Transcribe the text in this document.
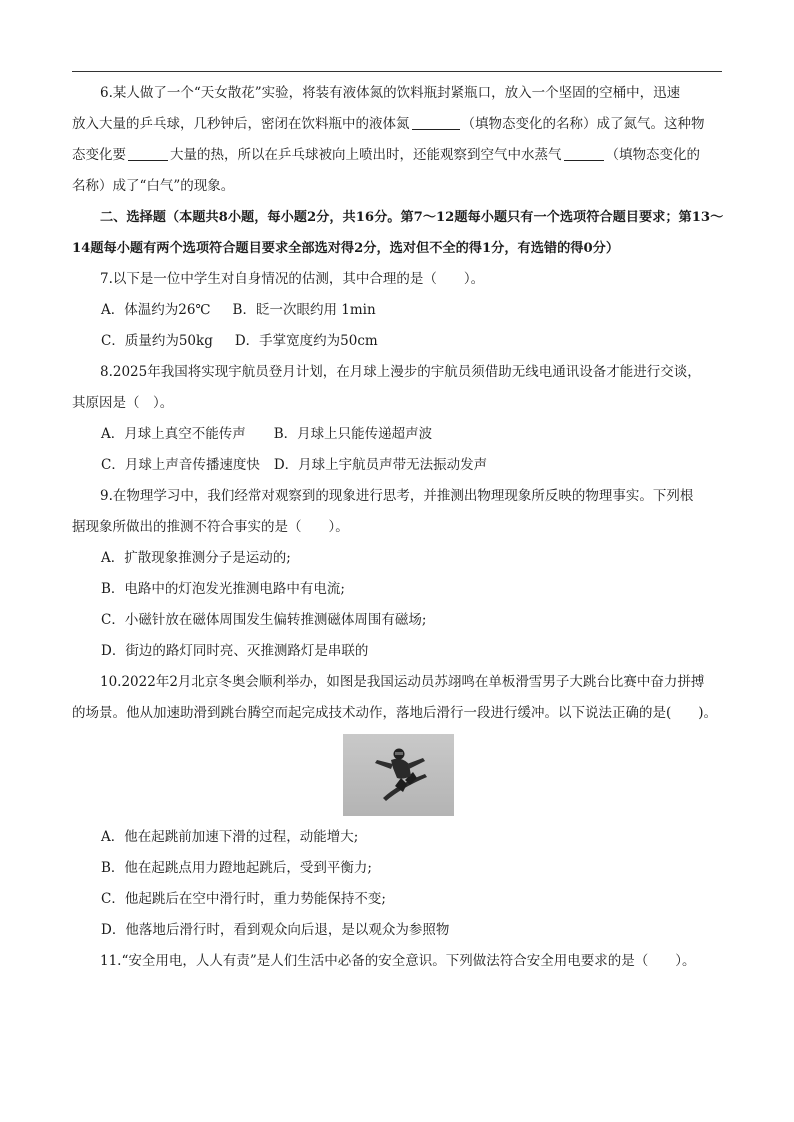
6.某人做了一个“天女散花”实验，将装有液体氮的饮料瓶封紧瓶口，放入一个坚固的空桶中，迅速

放入大量的乒乓球，几秒钟后，密闭在饮料瓶中的液体氮	（填物态变化的名称）成了氮气。这种物

态变化要	大量的热，所以在乒乓球被向上喷出时，还能观察到空气中水蒸气	（填物态变化的

名称）成了“白气”的现象。

二、选择题（本题共8小题，每小题2分，共16分。第7～12题每小题只有一个选项符合题目要求；第13～

14题每小题有两个选项符合题目要求全部选对得2分，选对但不全的得1分，有选错的得0分）

7.以下是一位中学生对自身情况的估测，其中合理的是（　　）。

A．体温约为26℃ B．眨一次眼约用 1min

C．质量约为50kg D．手掌宽度约为50cm

8.2025年我国将实现宇航员登月计划，在月球上漫步的宇航员须借助无线电通讯设备才能进行交谈，

其原因是（　）。

A．月球上真空不能传声 B．月球上只能传递超声波

C．月球上声音传播速度快 D．月球上宇航员声带无法振动发声

9.在物理学习中，我们经常对观察到的现象进行思考，并推测出物理现象所反映的物理事实。下列根

据现象所做出的推测不符合事实的是（　　）。

A．扩散现象推测分子是运动的;

B．电路中的灯泡发光推测电路中有电流;

C．小磁针放在磁体周围发生偏转推测磁体周围有磁场;

D．街边的路灯同时亮、灭推测路灯是串联的

10.2022年2月北京冬奥会顺利举办，如图是我国运动员苏翊鸣在单板滑雪男子大跳台比赛中奋力拼搏

的场景。他从加速助滑到跳台腾空而起完成技术动作，落地后滑行一段进行缓冲。以下说法正确的是(　　)。

A．他在起跳前加速下滑的过程，动能增大;

B．他在起跳点用力蹬地起跳后，受到平衡力;

C．他起跳后在空中滑行时，重力势能保持不变;

D．他落地后滑行时，看到观众向后退，是以观众为参照物

11.“安全用电，人人有责”是人们生活中必备的安全意识。下列做法符合安全用电要求的是（　　）。
